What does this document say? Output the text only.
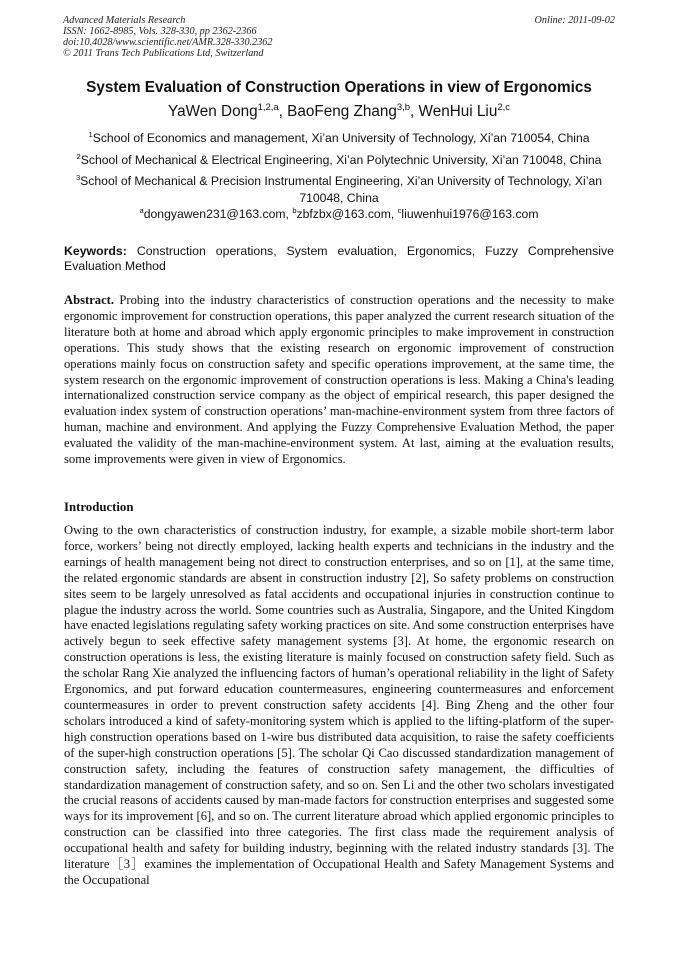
Advanced Materials Research
ISSN: 1662-8985, Vols. 328-330, pp 2362-2366
doi:10.4028/www.scientific.net/AMR.328-330.2362
© 2011 Trans Tech Publications Ltd, Switzerland
Online: 2011-09-02
System Evaluation of Construction Operations in view of Ergonomics
YaWen Dong$^{1,2,a}$, BaoFeng Zhang$^{3,b}$, WenHui Liu$^{2,c}$
$^1$School of Economics and management, Xi’an University of Technology, Xi’an 710054, China
$^2$School of Mechanical & Electrical Engineering, Xi’an Polytechnic University, Xi’an 710048, China
$^3$School of Mechanical & Precision Instrumental Engineering, Xi’an University of Technology, Xi’an 710048, China
$^a$dongyawen231@163.com, $^b$zbfzbx@163.com, $^c$liuwenhui1976@163.com
Keywords: Construction operations, System evaluation, Ergonomics, Fuzzy Comprehensive Evaluation Method
Abstract. Probing into the industry characteristics of construction operations and the necessity to make ergonomic improvement for construction operations, this paper analyzed the current research situation of the literature both at home and abroad which apply ergonomic principles to make improvement in construction operations. This study shows that the existing research on ergonomic improvement of construction operations mainly focus on construction safety and specific operations improvement, at the same time, the system research on the ergonomic improvement of construction operations is less. Making a China's leading internationalized construction service company as the object of empirical research, this paper designed the evaluation index system of construction operations’ man-machine-environment system from three factors of human, machine and environment. And applying the Fuzzy Comprehensive Evaluation Method, the paper evaluated the validity of the man-machine-environment system. At last, aiming at the evaluation results, some improvements were given in view of Ergonomics.
Introduction
Owing to the own characteristics of construction industry, for example, a sizable mobile short-term labor force, workers’ being not directly employed, lacking health experts and technicians in the industry and the earnings of health management being not direct to construction enterprises, and so on [1], at the same time, the related ergonomic standards are absent in construction industry [2], So safety problems on construction sites seem to be largely unresolved as fatal accidents and occupational injuries in construction continue to plague the industry across the world. Some countries such as Australia, Singapore, and the United Kingdom have enacted legislations regulating safety working practices on site. And some construction enterprises have actively begun to seek effective safety management systems [3]. At home, the ergonomic research on construction operations is less, the existing literature is mainly focused on construction safety field. Such as the scholar Rang Xie analyzed the influencing factors of human’s operational reliability in the light of Safety Ergonomics, and put forward education countermeasures, engineering countermeasures and enforcement countermeasures in order to prevent construction safety accidents [4]. Bing Zheng and the other four scholars introduced a kind of safety-monitoring system which is applied to the lifting-platform of the super-high construction operations based on 1-wire bus distributed data acquisition, to raise the safety coefficients of the super-high construction operations [5]. The scholar Qi Cao discussed standardization management of construction safety, including the features of construction safety management, the difficulties of standardization management of construction safety, and so on. Sen Li and the other two scholars investigated the crucial reasons of accidents caused by man-made factors for construction enterprises and suggested some ways for its improvement [6], and so on. The current literature abroad which applied ergonomic principles to construction can be classified into three categories. The first class made the requirement analysis of occupational health and safety for building industry, beginning with the related industry standards [3]. The literature［3］examines the implementation of Occupational Health and Safety Management Systems and the Occupational
